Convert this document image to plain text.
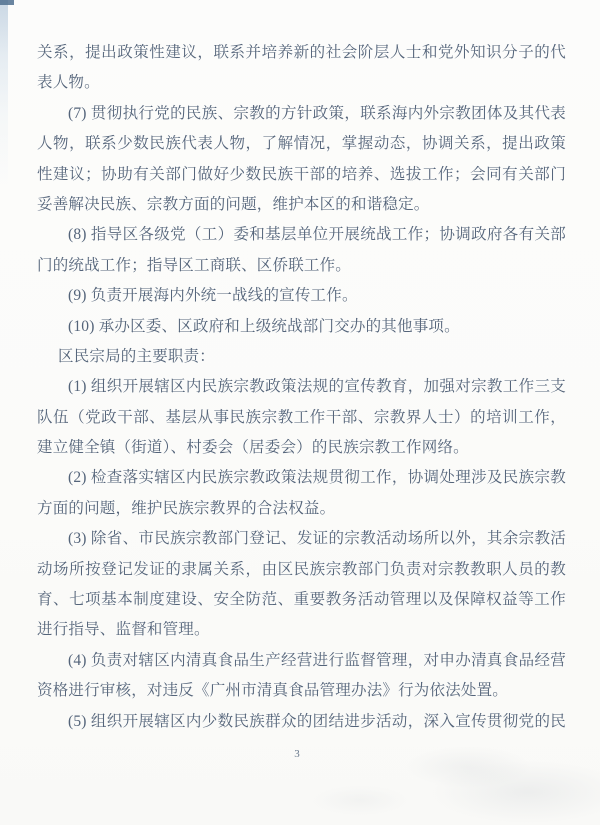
关系，提出政策性建议，联系并培养新的社会阶层人士和党外知识分子的代
表人物。
(7) 贯彻执行党的民族、宗教的方针政策，联系海内外宗教团体及其代表
人物，联系少数民族代表人物，了解情况，掌握动态，协调关系，提出政策
性建议；协助有关部门做好少数民族干部的培养、选拔工作；会同有关部门
妥善解决民族、宗教方面的问题，维护本区的和谐稳定。
(8) 指导区各级党（工）委和基层单位开展统战工作；协调政府各有关部
门的统战工作；指导区工商联、区侨联工作。
(9) 负责开展海内外统一战线的宣传工作。
(10) 承办区委、区政府和上级统战部门交办的其他事项。
区民宗局的主要职责：
(1) 组织开展辖区内民族宗教政策法规的宣传教育，加强对宗教工作三支
队伍（党政干部、基层从事民族宗教工作干部、宗教界人士）的培训工作，
建立健全镇（街道）、村委会（居委会）的民族宗教工作网络。
(2) 检查落实辖区内民族宗教政策法规贯彻工作，协调处理涉及民族宗教
方面的问题，维护民族宗教界的合法权益。
(3) 除省、市民族宗教部门登记、发证的宗教活动场所以外，其余宗教活
动场所按登记发证的隶属关系，由区民族宗教部门负责对宗教教职人员的教
育、七项基本制度建设、安全防范、重要教务活动管理以及保障权益等工作
进行指导、监督和管理。
(4) 负责对辖区内清真食品生产经营进行监督管理，对申办清真食品经营
资格进行审核，对违反《广州市清真食品管理办法》行为依法处置。
(5) 组织开展辖区内少数民族群众的团结进步活动，深入宣传贯彻党的民
3
